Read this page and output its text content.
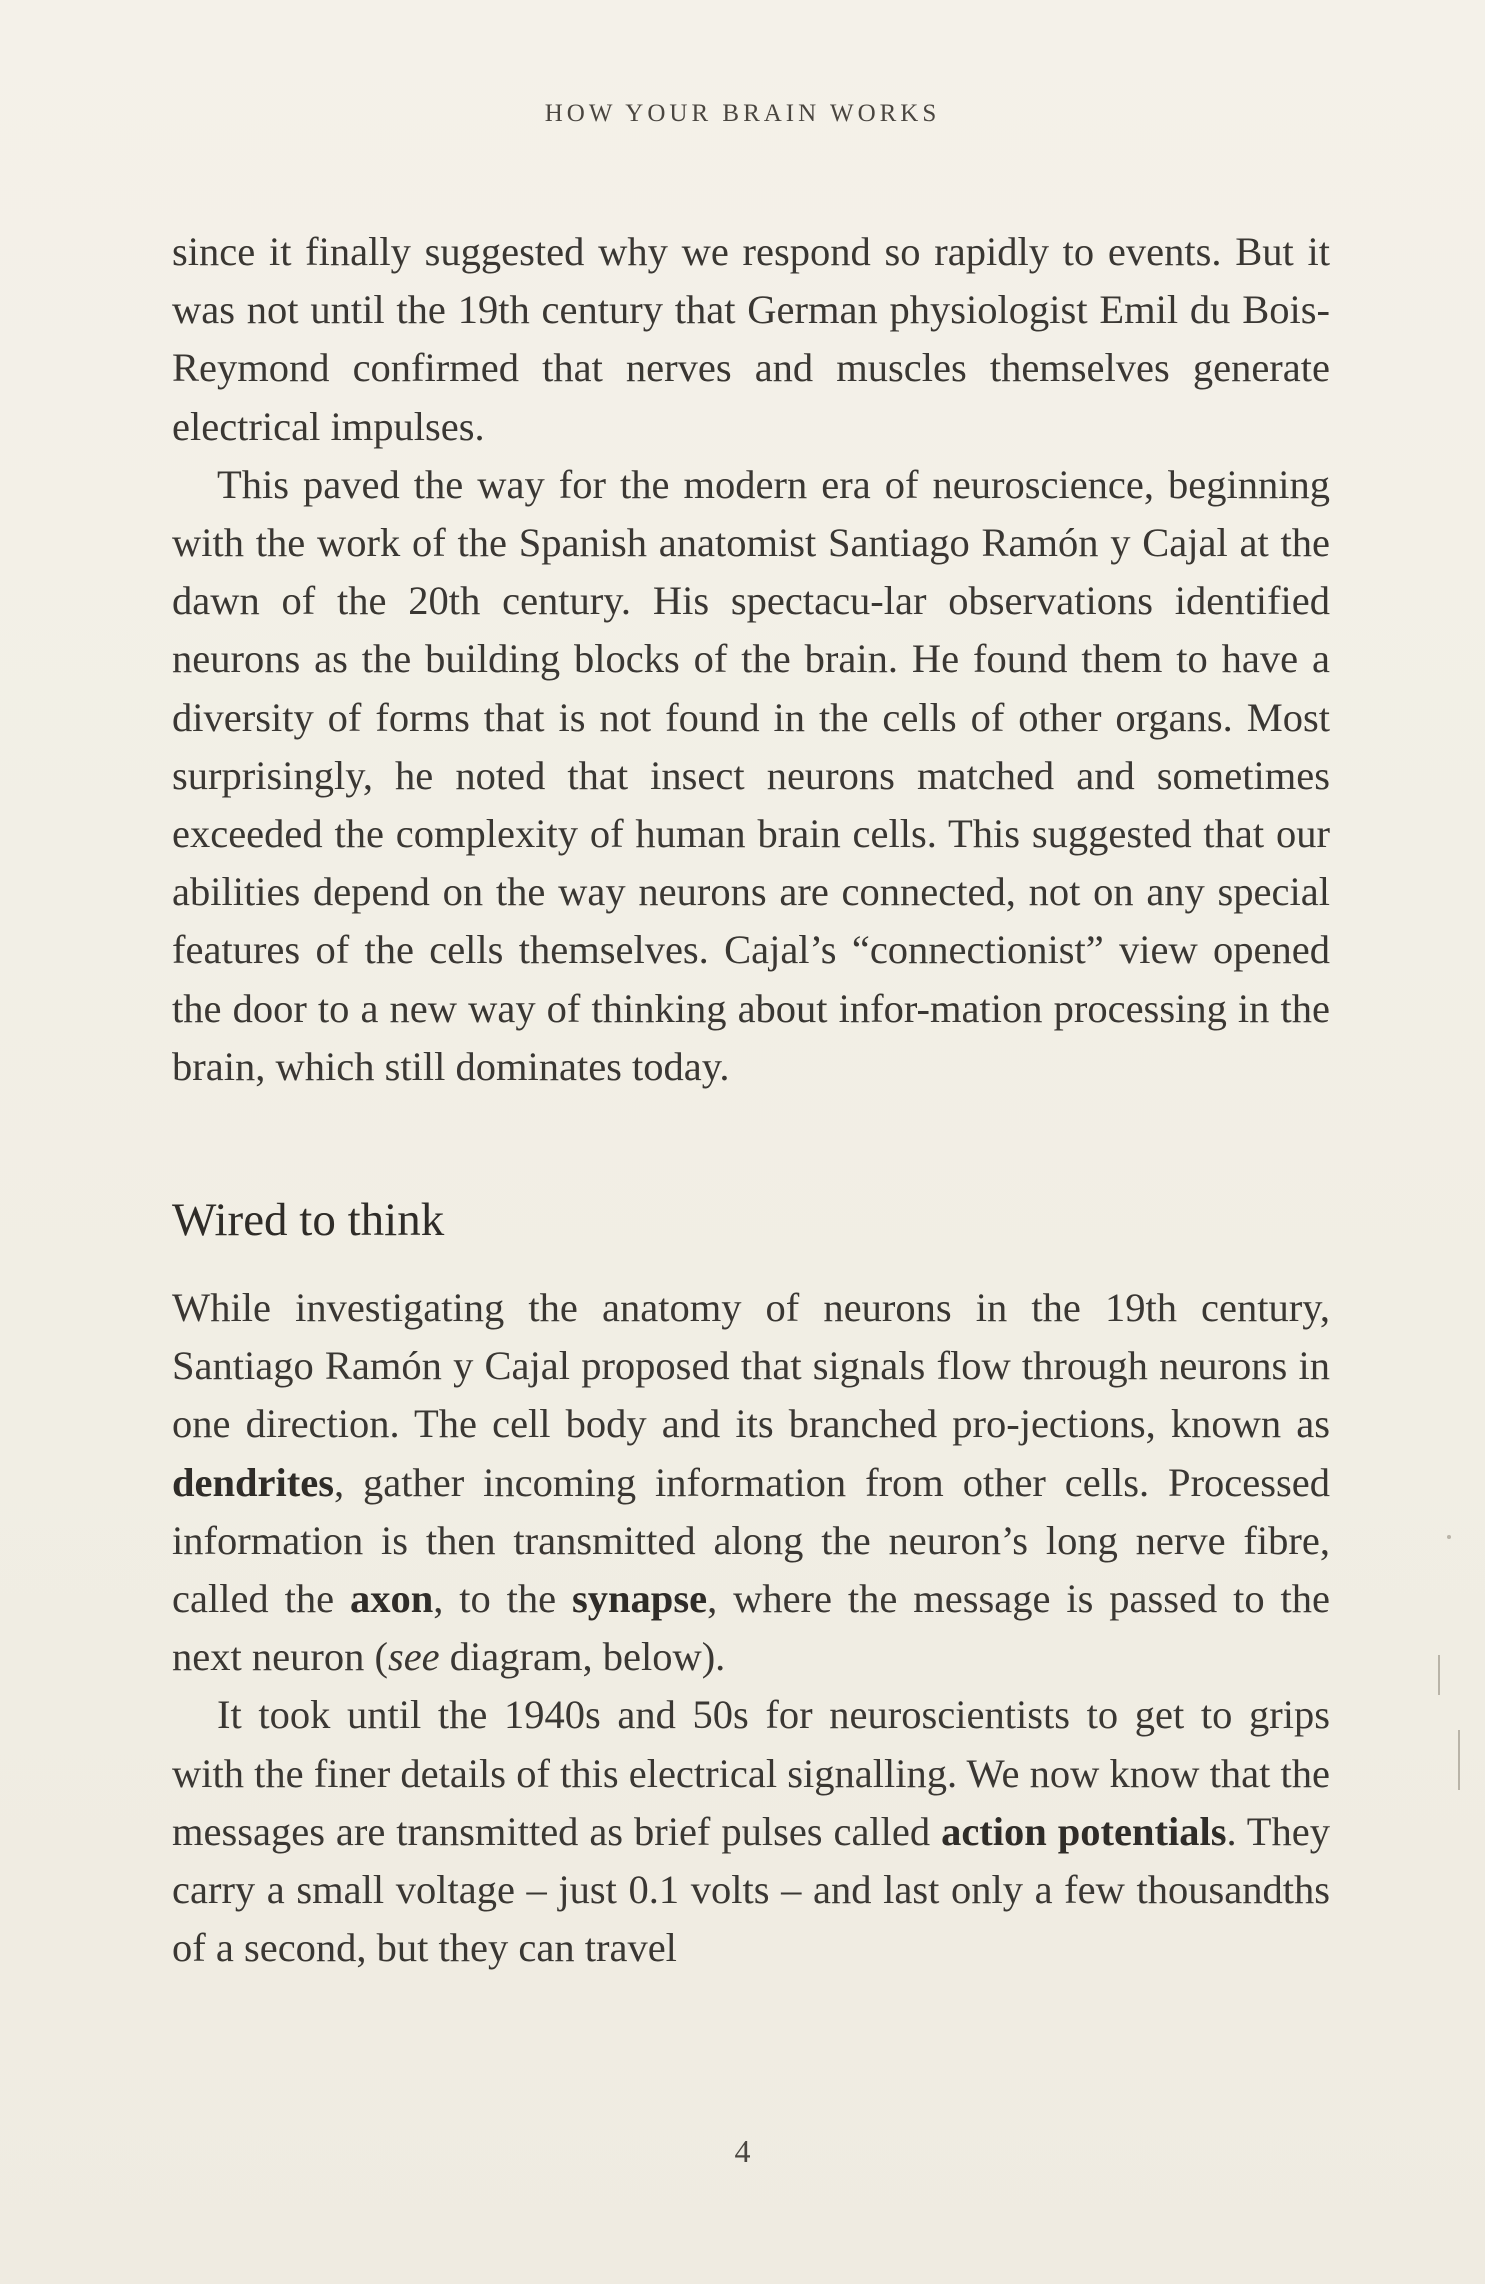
HOW YOUR BRAIN WORKS

since it finally suggested why we respond so rapidly to events. But it was not until the 19th century that German physiologist Emil du Bois-Reymond confirmed that nerves and muscles themselves generate electrical impulses.

This paved the way for the modern era of neuroscience, beginning with the work of the Spanish anatomist Santiago Ramón y Cajal at the dawn of the 20th century. His spectacu-lar observations identified neurons as the building blocks of the brain. He found them to have a diversity of forms that is not found in the cells of other organs. Most surprisingly, he noted that insect neurons matched and sometimes exceeded the complexity of human brain cells. This suggested that our abilities depend on the way neurons are connected, not on any special features of the cells themselves. Cajal’s “connectionist” view opened the door to a new way of thinking about infor-mation processing in the brain, which still dominates today.

Wired to think

While investigating the anatomy of neurons in the 19th century, Santiago Ramón y Cajal proposed that signals flow through neurons in one direction. The cell body and its branched pro-jections, known as dendrites, gather incoming information from other cells. Processed information is then transmitted along the neuron’s long nerve fibre, called the axon, to the synapse, where the message is passed to the next neuron (see diagram, below).

It took until the 1940s and 50s for neuroscientists to get to grips with the finer details of this electrical signalling. We now know that the messages are transmitted as brief pulses called action potentials. They carry a small voltage – just 0.1 volts – and last only a few thousandths of a second, but they can travel

4
